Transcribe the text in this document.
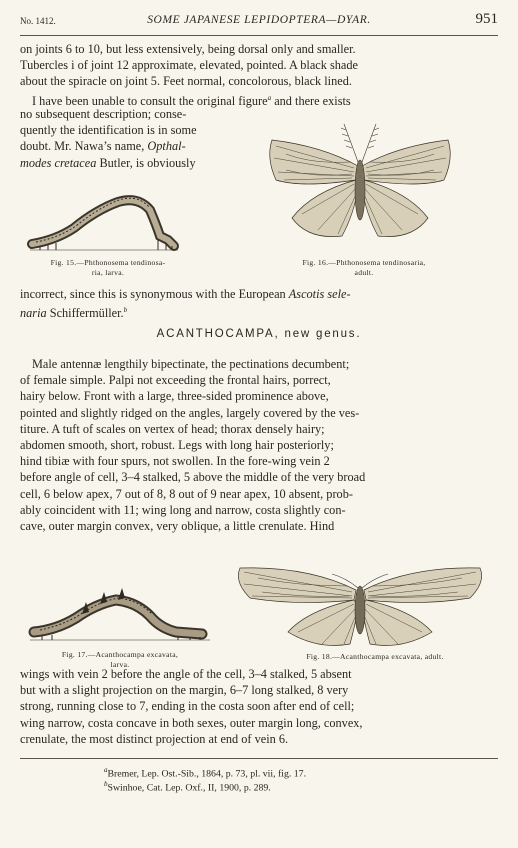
No. 1412.	SOME JAPANESE LEPIDOPTERA—DYAR.	951
on joints 6 to 10, but less extensively, being dorsal only and smaller.
Tubercles i of joint 12 approximate, elevated, pointed. A black shade
about the spiracle on joint 5. Feet normal, concolorous, black lined.
I have been unable to consult the original figure$^a$ and there exists
no subsequent description; conse-
quently the identification is in some
doubt. Mr. Nawa’s name, Opthal-
modes cretacea Butler, is obviously
Fig. 15.—Phthonosema tendinosa-
ria, larva.
Fig. 16.—Phthonosema tendinosaria,
adult.
incorrect, since this is synonymous with the European Ascotis sele-
naria Schiffermüller.$^b$
ACANTHOCAMPA, new genus.
Male antennæ lengthily bipectinate, the pectinations decumbent;
of female simple. Palpi not exceeding the frontal hairs, porrect,
hairy below. Front with a large, three-sided prominence above,
pointed and slightly ridged on the angles, largely covered by the ves-
titure. A tuft of scales on vertex of head; thorax densely hairy;
abdomen smooth, short, robust. Legs with long hair posteriorly;
hind tibiæ with four spurs, not swollen. In the fore-wing vein 2
before angle of cell, 3–4 stalked, 5 above the middle of the very broad
cell, 6 below apex, 7 out of 8, 8 out of 9 near apex, 10 absent, prob-
ably coincident with 11; wing long and narrow, costa slightly con-
cave, outer margin convex, very oblique, a little crenulate. Hind
Fig. 17.—Acanthocampa excavata,
larva.
Fig. 18.—Acanthocampa excavata, adult.
wings with vein 2 before the angle of the cell, 3–4 stalked, 5 absent
but with a slight projection on the margin, 6–7 long stalked, 8 very
strong, running close to 7, ending in the costa soon after end of cell;
wing narrow, costa concave in both sexes, outer margin long, convex,
crenulate, the most distinct projection at end of vein 6.
$^a$Bremer, Lep. Ost.-Sib., 1864, p. 73, pl. vii, fig. 17.
$^b$Swinhoe, Cat. Lep. Oxf., II, 1900, p. 289.
